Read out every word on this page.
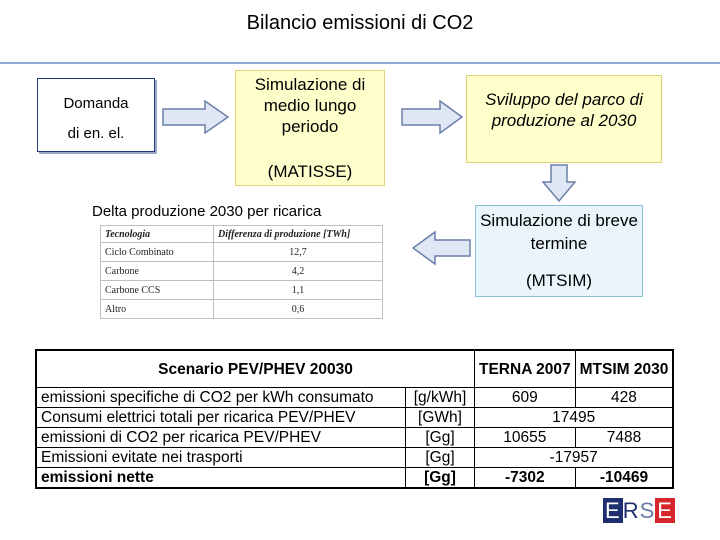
Bilancio emissioni di CO2
Domanda
di en. el.
Simulazione di medio lungo periodo
(MATISSE)
Sviluppo del parco di produzione al 2030
Simulazione di breve termine
(MTSIM)
Delta produzione 2030 per ricarica
Tecnologia	Differenza di produzione [TWh]
Ciclo Combinato	12,7
Carbone	4,2
Carbone CCS	1,1
Altro	0,6
Scenario PEV/PHEV 20030		TERNA 2007	MTSIM 2030
emissioni specifiche di CO2 per kWh consumato	[g/kWh]	609	428
Consumi elettrici totali per ricarica PEV/PHEV	[GWh]	17495	
emissioni di CO2 per ricarica PEV/PHEV	[Gg]	10655	7488
Emissioni evitate nei trasporti	[Gg]	-17957	
emissioni nette	[Gg]	-7302	-10469
ERSE
